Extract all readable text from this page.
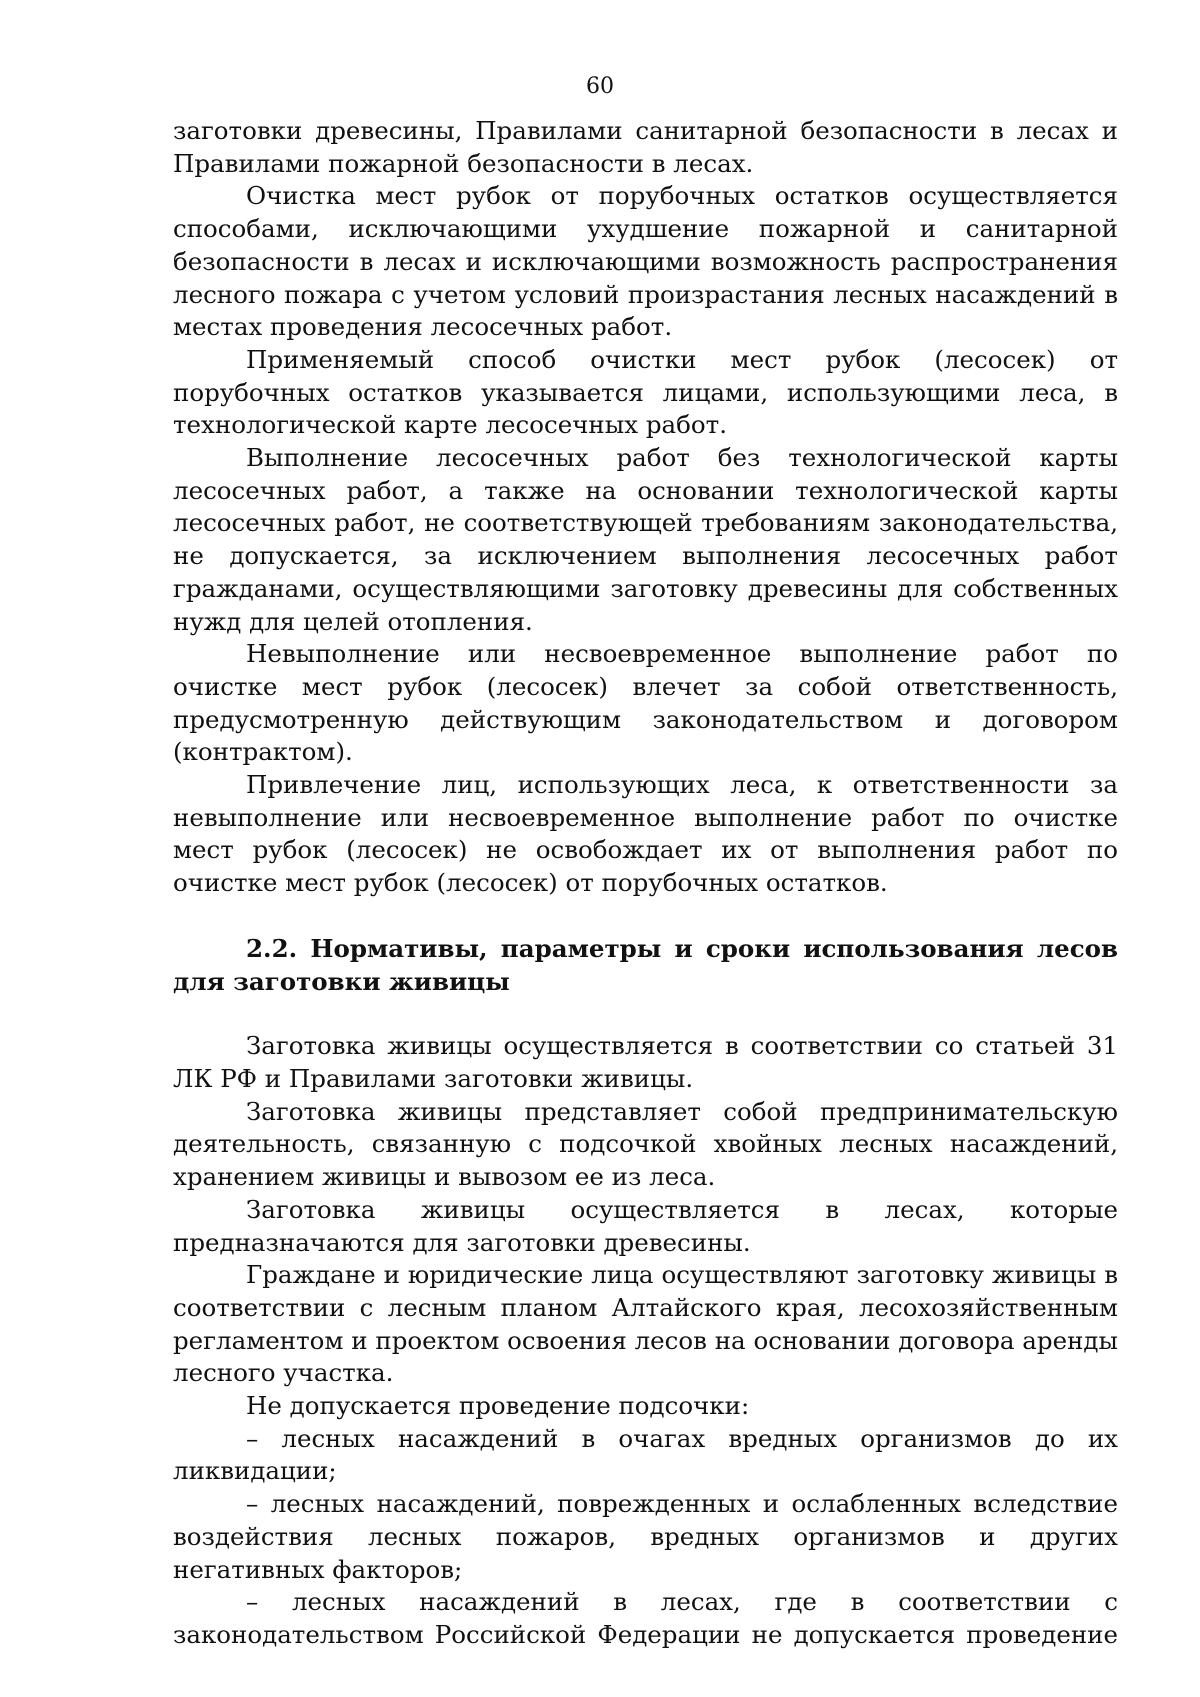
60

заготовки древесины, Правилами санитарной безопасности в лесах и Правилами пожарной безопасности в лесах.

Очистка мест рубок от порубочных остатков осуществляется способами, исключающими ухудшение пожарной и санитарной безопасности в лесах и исключающими возможность распространения лесного пожара с учетом условий произрастания лесных насаждений в местах проведения лесосечных работ.

Применяемый способ очистки мест рубок (лесосек) от порубочных остатков указывается лицами, использующими леса, в технологической карте лесосечных работ.

Выполнение лесосечных работ без технологической карты лесосечных работ, а также на основании технологической карты лесосечных работ, не соответствующей требованиям законодательства, не допускается, за исключением выполнения лесосечных работ гражданами, осуществляющими заготовку древесины для собственных нужд для целей отопления.

Невыполнение или несвоевременное выполнение работ по очистке мест рубок (лесосек) влечет за собой ответственность, предусмотренную действующим законодательством и договором (контрактом).

Привлечение лиц, использующих леса, к ответственности за невыполнение или несвоевременное выполнение работ по очистке мест рубок (лесосек) не освобождает их от выполнения работ по очистке мест рубок (лесосек) от порубочных остатков.

2.2. Нормативы, параметры и сроки использования лесов для заготовки живицы

Заготовка живицы осуществляется в соответствии со статьей 31 ЛК РФ и Правилами заготовки живицы.

Заготовка живицы представляет собой предпринимательскую деятельность, связанную с подсочкой хвойных лесных насаждений, хранением живицы и вывозом ее из леса.

Заготовка живицы осуществляется в лесах, которые предназначаются для заготовки древесины.

Граждане и юридические лица осуществляют заготовку живицы в соответствии с лесным планом Алтайского края, лесохозяйственным регламентом и проектом освоения лесов на основании договора аренды лесного участка.

Не допускается проведение подсочки:

– лесных насаждений в очагах вредных организмов до их ликвидации;

– лесных насаждений, поврежденных и ослабленных вследствие воздействия лесных пожаров, вредных организмов и других негативных факторов;

– лесных насаждений в лесах, где в соответствии с законодательством Российской Федерации не допускается проведение
